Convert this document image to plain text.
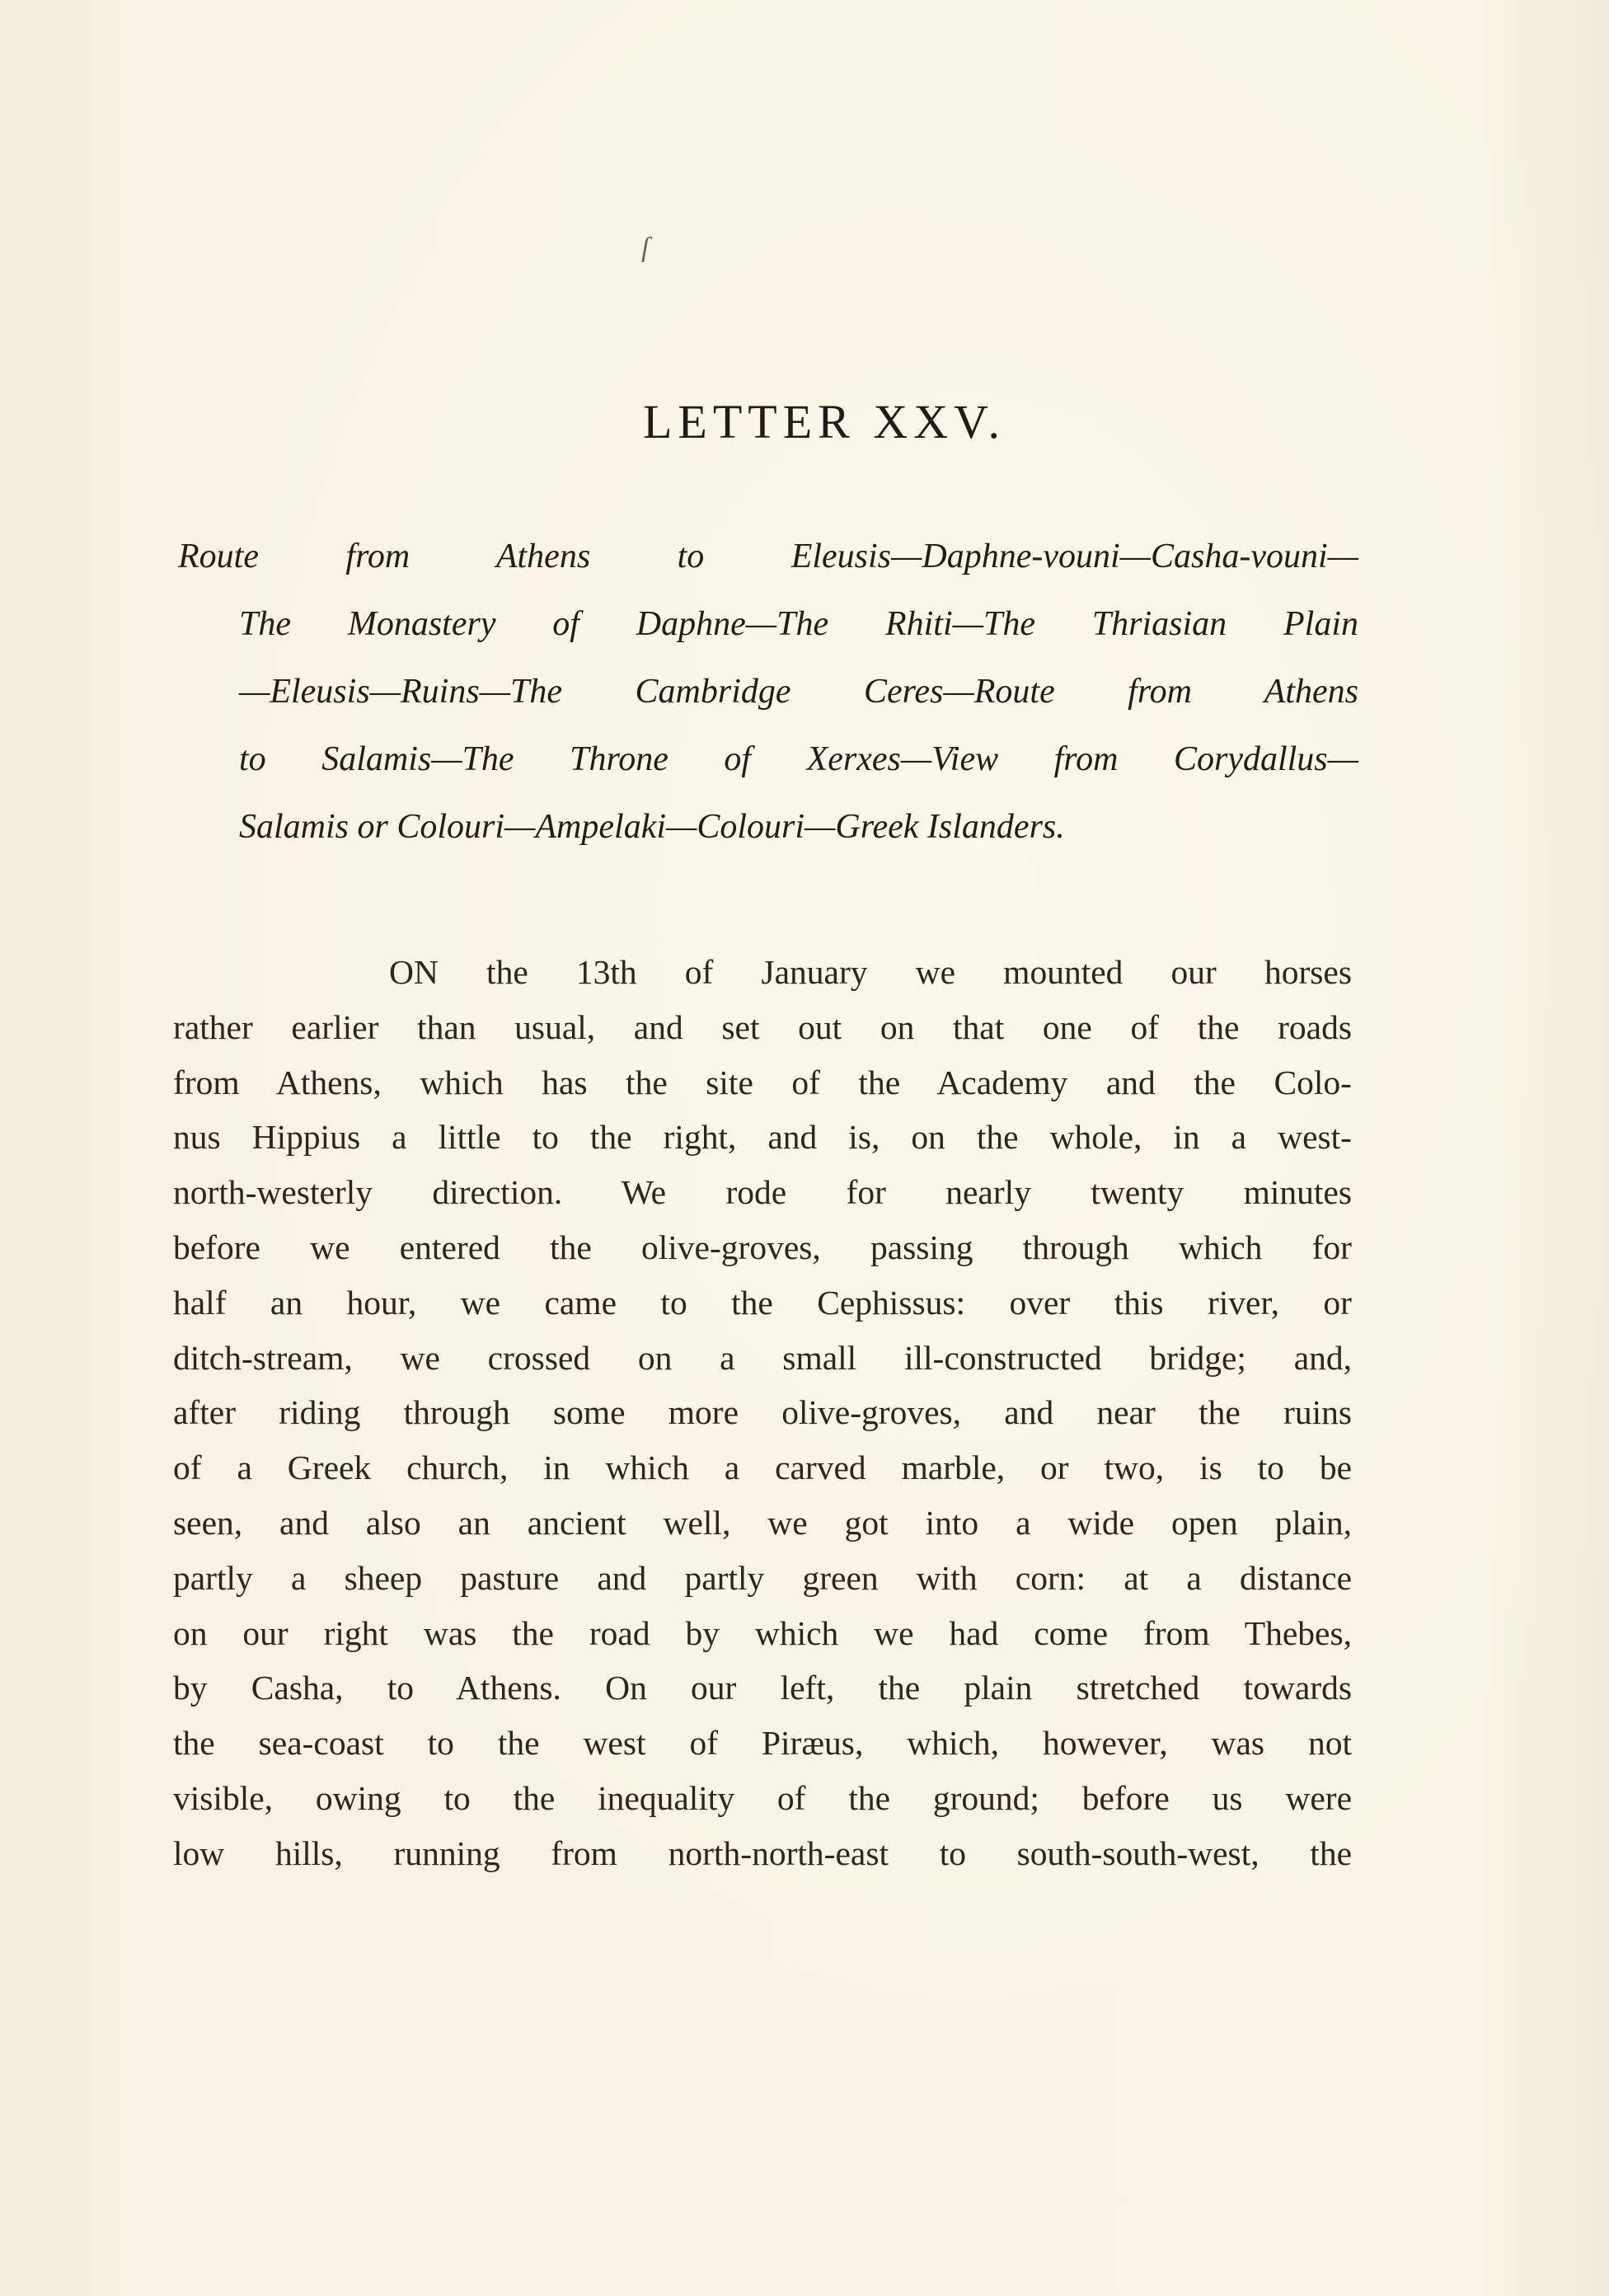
ſ
LETTER XXV.
Route from Athens to Eleusis—Daphne-vouni—Casha-vouni—
The Monastery of Daphne—The Rhiti—The Thriasian Plain
—Eleusis—Ruins—The Cambridge Ceres—Route from Athens
to Salamis—The Throne of Xerxes—View from Corydallus—
Salamis or Colouri—Ampelaki—Colouri—Greek Islanders.
ON the 13th of January we mounted our horses
rather earlier than usual, and set out on that one of the roads
from Athens, which has the site of the Academy and the Colo-
nus Hippius a little to the right, and is, on the whole, in a west-
north-westerly direction. We rode for nearly twenty minutes
before we entered the olive-groves, passing through which for
half an hour, we came to the Cephissus: over this river, or
ditch-stream, we crossed on a small ill-constructed bridge; and,
after riding through some more olive-groves, and near the ruins
of a Greek church, in which a carved marble, or two, is to be
seen, and also an ancient well, we got into a wide open plain,
partly a sheep pasture and partly green with corn: at a distance
on our right was the road by which we had come from Thebes,
by Casha, to Athens. On our left, the plain stretched towards
the sea-coast to the west of Piræus, which, however, was not
visible, owing to the inequality of the ground; before us were
low hills, running from north-north-east to south-south-west, the
